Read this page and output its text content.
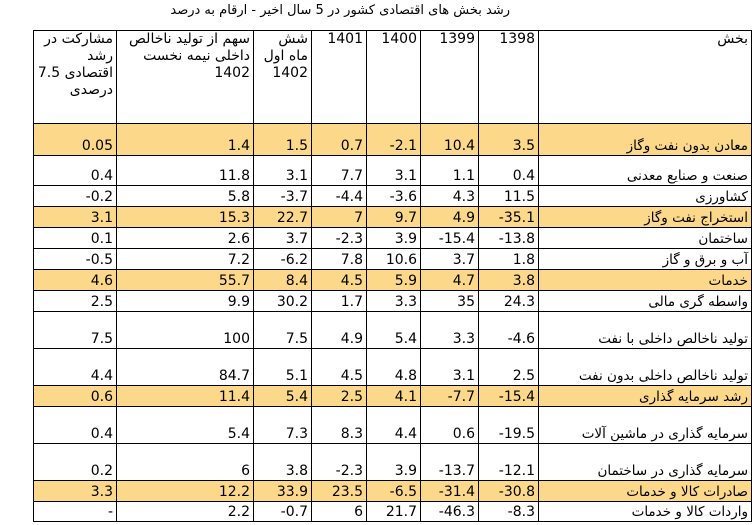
رشد بخش های اقتصادی کشور در 5 سال اخیر - ارقام به درصد
مشارکت در رشد اقتصادی 7.5 درصدی	سهم از تولید ناخالص داخلی نیمه نخست 1402	شش ماه اول 1402	1401	1400	1399	1398	بخش
0.05	1.4	1.5	0.7	-2.1	10.4	3.5	معادن بدون نفت وگاز
0.4	11.8	3.1	7.7	3.1	1.1	0.4	صنعت و صنایع معدنی
-0.2	5.8	-3.7	-4.4	-3.6	4.3	11.5	کشاورزی
3.1	15.3	22.7	7	9.7	4.9	-35.1	استخراج نفت وگاز
0.1	2.6	3.7	-2.3	3.9	-15.4	-13.8	ساختمان
-0.5	7.2	-6.2	7.8	10.6	3.7	1.8	آب و برق و گاز
4.6	55.7	8.4	4.5	5.9	4.7	3.8	خدمات
2.5	9.9	30.2	1.7	3.3	35	24.3	واسطه گری مالی
7.5	100	7.5	4.9	5.4	3.3	-4.6	تولید ناخالص داخلی با نفت
4.4	84.7	5.1	4.5	4.8	3.1	2.5	تولید ناخالص داخلی بدون نفت
0.6	11.4	5.4	2.5	4.1	-7.7	-15.4	رشد سرمایه گذاری
0.4	5.4	7.3	8.3	4.4	0.6	-19.5	سرمایه گذاری در ماشین آلات
0.2	6	3.8	-2.3	3.9	-13.7	-12.1	سرمایه گذاری در ساختمان
3.3	12.2	33.9	23.5	-6.5	-31.4	-30.8	صادرات کالا و خدمات
-	2.2	-0.7	6	21.7	-46.3	-8.3	واردات کالا و خدمات
